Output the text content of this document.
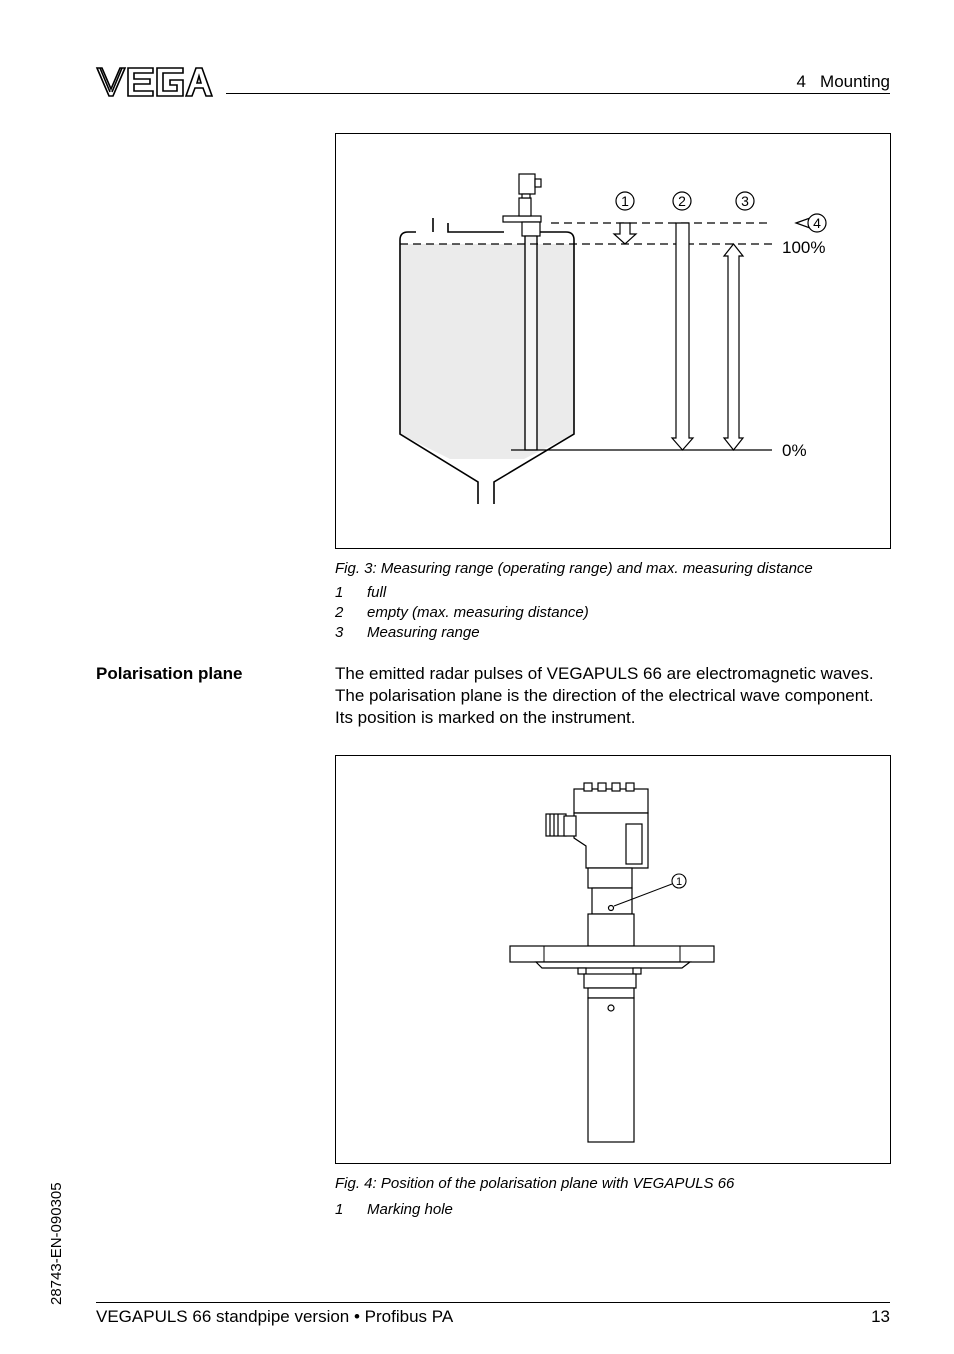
4   Mounting
1	2	3
4
100%
0%
Fig. 3: Measuring range (operating range) and max. measuring distance
1 full
2 empty (max. measuring distance)
3 Measuring range
Polarisation plane	The emitted radar pulses of VEGAPULS 66 are electromagnetic waves. The polarisation plane is the direction of the electrical wave component. Its position is marked on the instrument.
1
Fig. 4: Position of the polarisation plane with VEGAPULS 66
1 Marking hole
28743-EN-090305
VEGAPULS 66 standpipe version • Profibus PA	13
